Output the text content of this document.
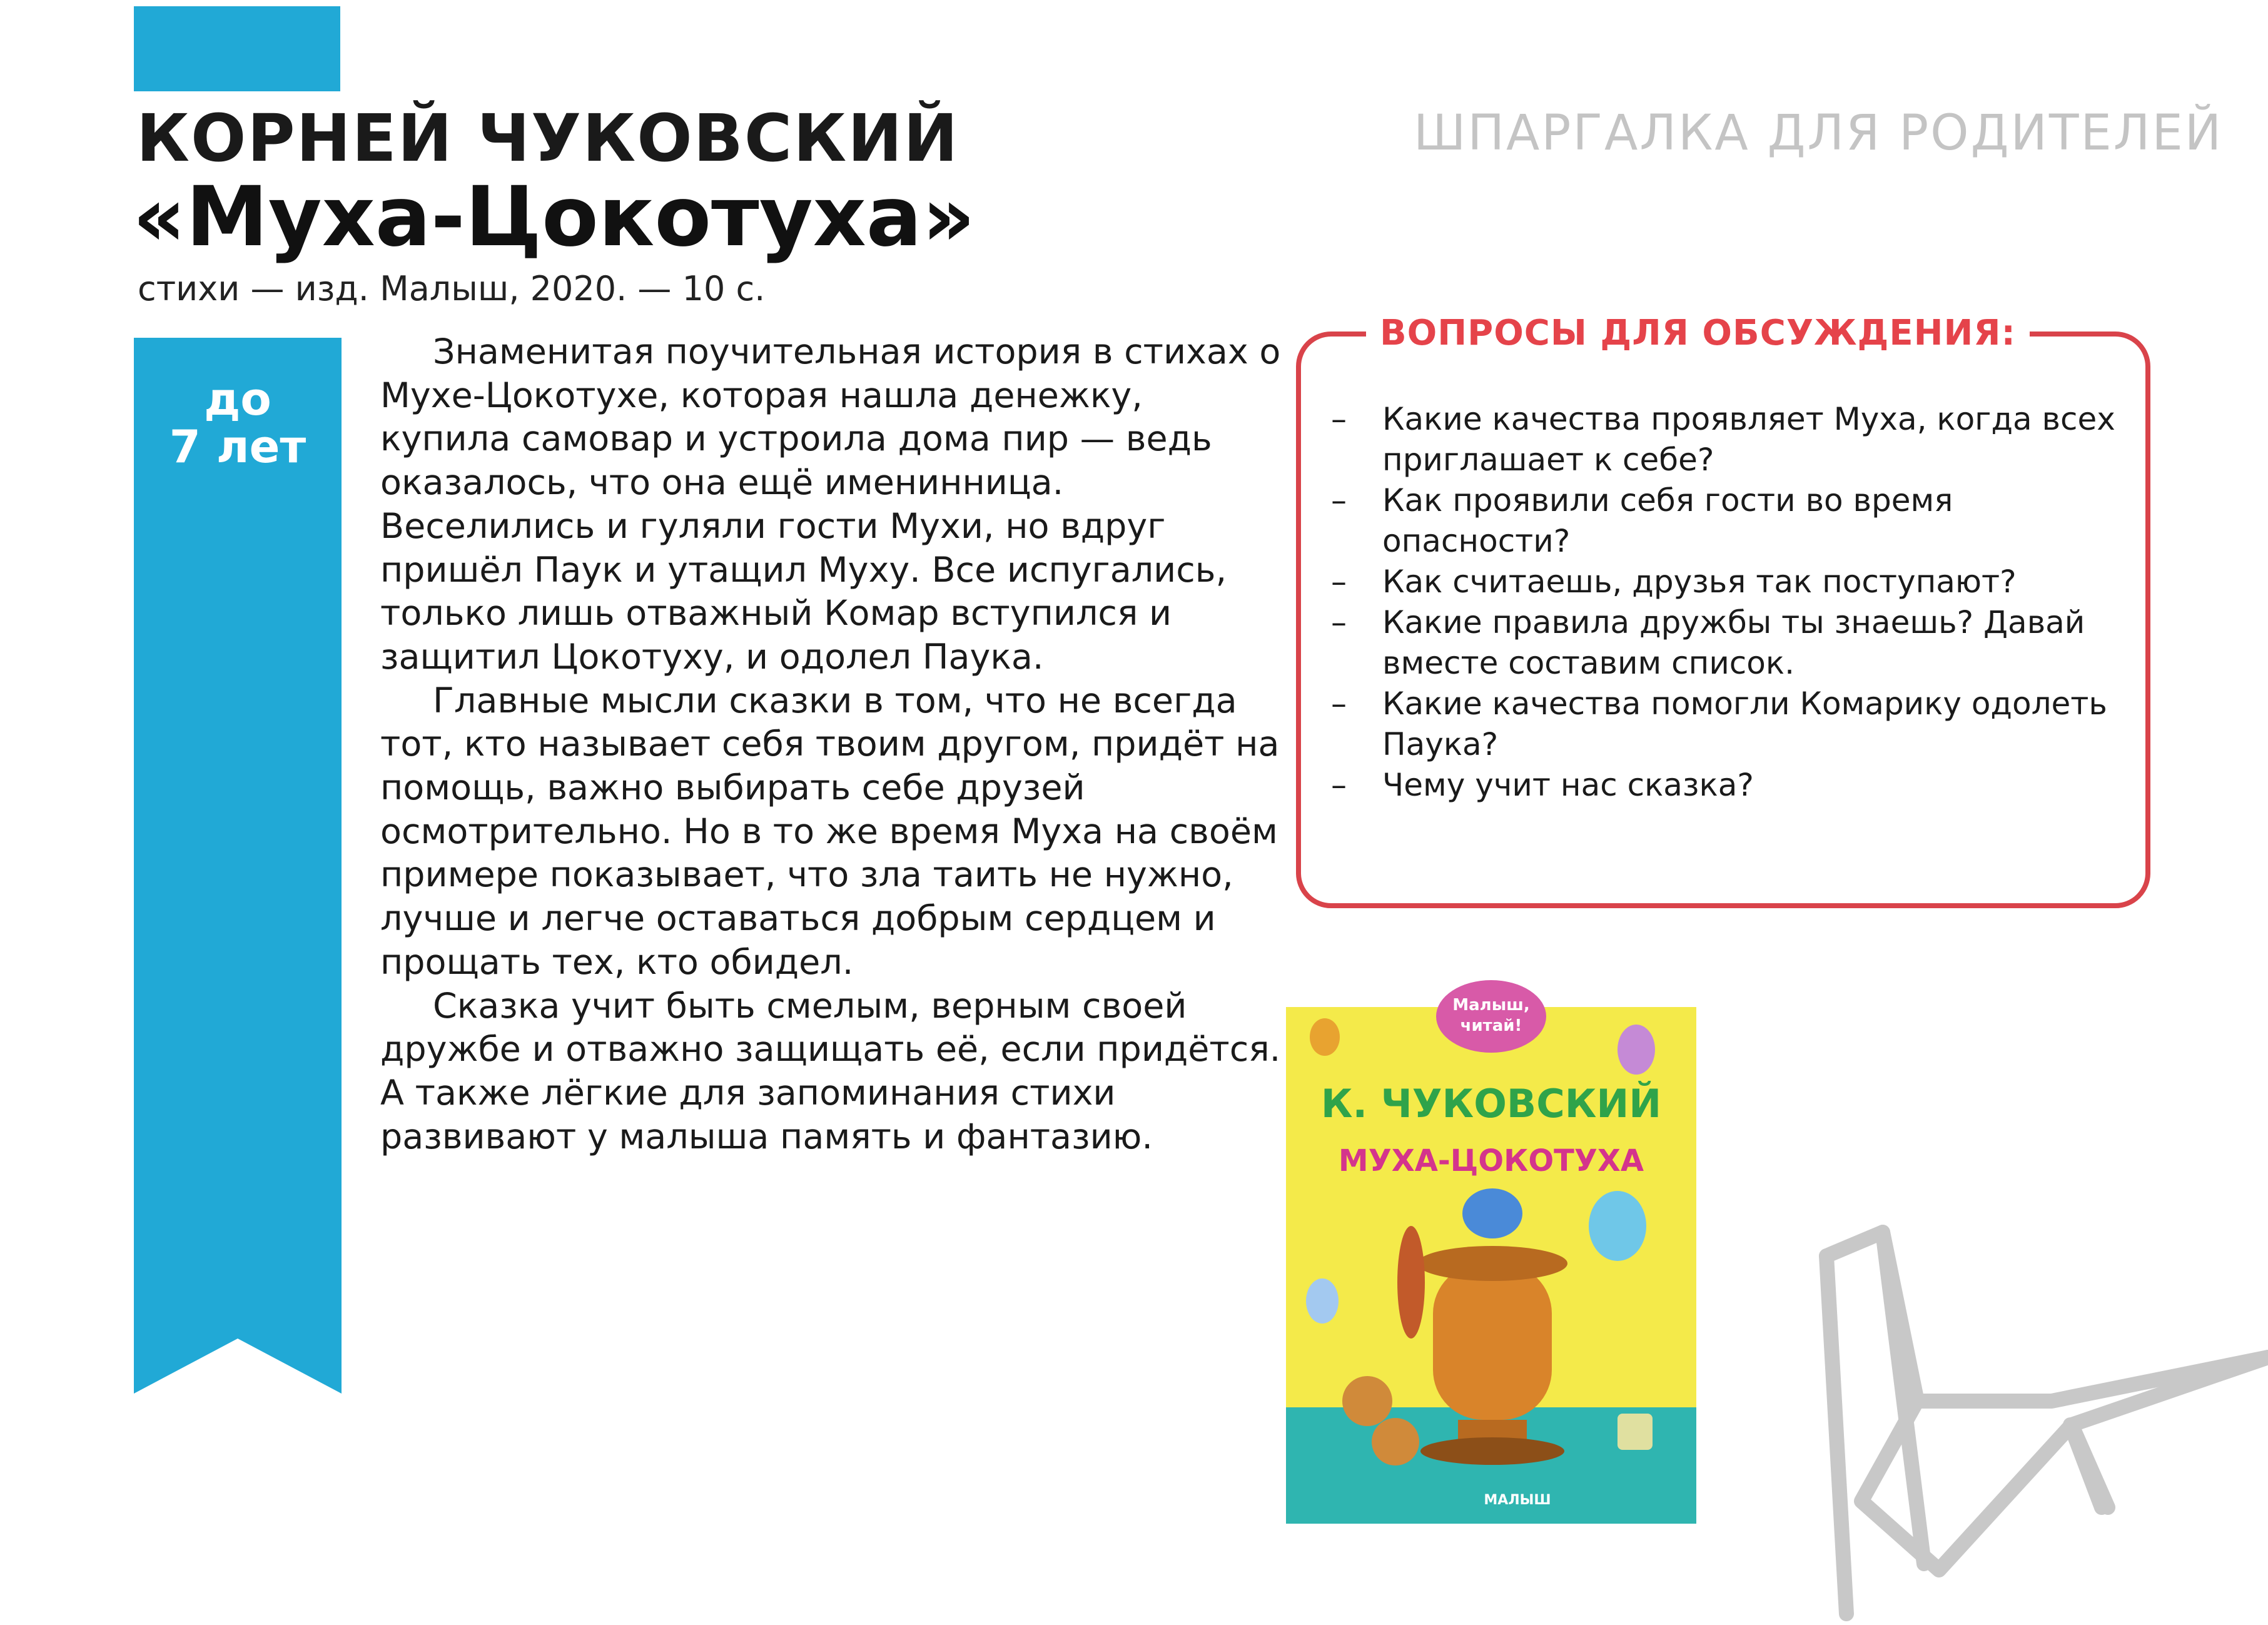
КОРНЕЙ ЧУКОВСКИЙ
«Муха-Цокотуха»
стихи — изд. Малыш, 2020. — 10 с.
ШПАРГАЛКА ДЛЯ РОДИТЕЛЕЙ
до
7 лет

Знаменитая поучительная история в стихах о Мухе-Цокотухе, которая нашла денежку, купила самовар и устроила дома пир — ведь оказалось, что она ещё именинница. Веселились и гуляли гости Мухи, но вдруг пришёл Паук и утащил Муху. Все испугались, только лишь отважный Комар вступился и защитил Цокотуху, и одолел Паука.

Главные мысли сказки в том, что не всегда тот, кто называет себя твоим другом, придёт на помощь, важно выбирать себе друзей осмотрительно. Но в то же время Муха на своём примере показывает, что зла таить не нужно, лучше и легче оставаться добрым сердцем и прощать тех, кто обидел.

Сказка учит быть смелым, верным своей дружбе и отважно защищать её, если придётся. А также лёгкие для запоминания стихи развивают у малыша память и фантазию.

ВОПРОСЫ ДЛЯ ОБСУЖДЕНИЯ:
– Какие качества проявляет Муха, когда всех приглашает к себе?
– Как проявили себя гости во время опасности?
– Как считаешь, друзья так поступают?
– Какие правила дружбы ты знаешь? Давай вместе составим список.
– Какие качества помогли Комарику одолеть Паука?
– Чему учит нас сказка?
Малыш,
читай!
К. ЧУКОВСКИЙ
МУХА-ЦОКОТУХА
МАЛЫШ
